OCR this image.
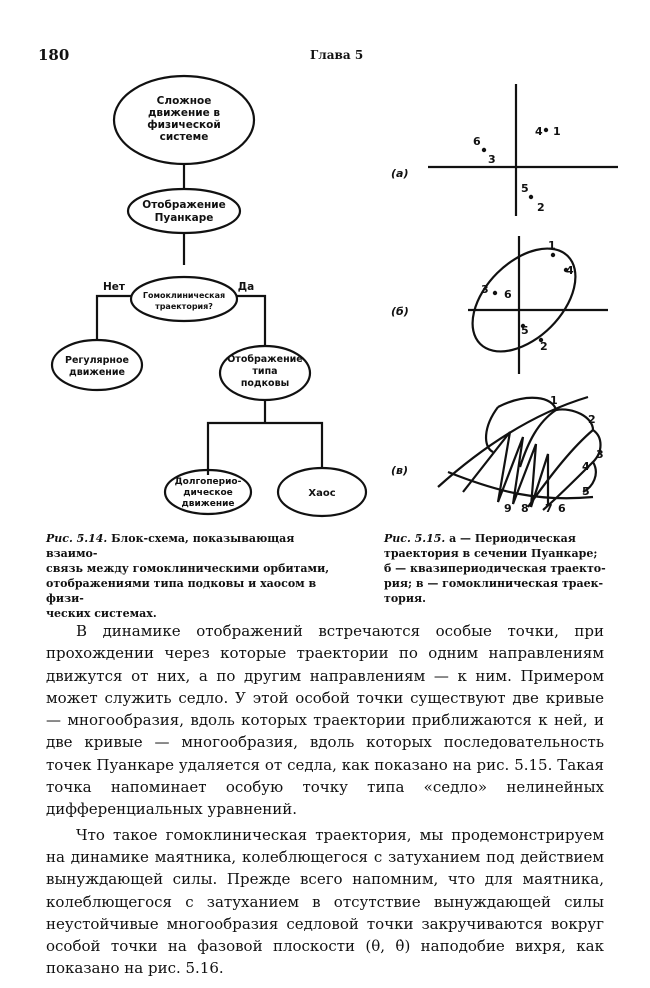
180	Глава 5
Сложное
движение в
физической
системе
Отображение
Пуанкаре
Гомоклиническая
траектория?
Регулярное
движение
Отображение
типа
подковы
Долгоперио-
дическое
движение
Хаос
Нет	Да
1
2
3
4
5
6
(а)
1
2
3
4
5
6
(б)
1
2
3
4
5
6
7
8
9
(в)
Рис. 5.14. Блок-схема, показывающая взаимо-
связь между гомоклиническими орбитами,
отображениями типа подковы и хаосом в физи-
ческих системах.
Рис. 5.15. а — Периодическая
траектория в сечении Пуанкаре;
б — квазипериодическая траекто-
рия; в — гомоклиническая траек-
тория.

В динамике отображений встречаются особые точки, при прохождении через которые траектории по одним направлениям движутся от них, а по другим направлениям — к ним. Примером может служить седло. У этой особой точки существуют две кривые — многообразия, вдоль которых траектории приближаются к ней, и две кривые — многообразия, вдоль которых последовательность точек Пуанкаре удаляется от седла, как показано на рис. 5.15. Такая точка напоминает особую точку типа «седло» нелинейных дифференциальных уравнений.

Что такое гомоклиническая траектория, мы продемонстрируем на динамике маятника, колеблющегося с затуханием под действием вынуждающей силы. Прежде всего напомним, что для маятника, колеблющегося с затуханием в отсутствие вынуждающей силы неустойчивые многообразия седловой точки закручиваются вокруг особой точки на фазовой плоскости (θ, θ̇) наподобие вихря, как показано на рис. 5.16.
